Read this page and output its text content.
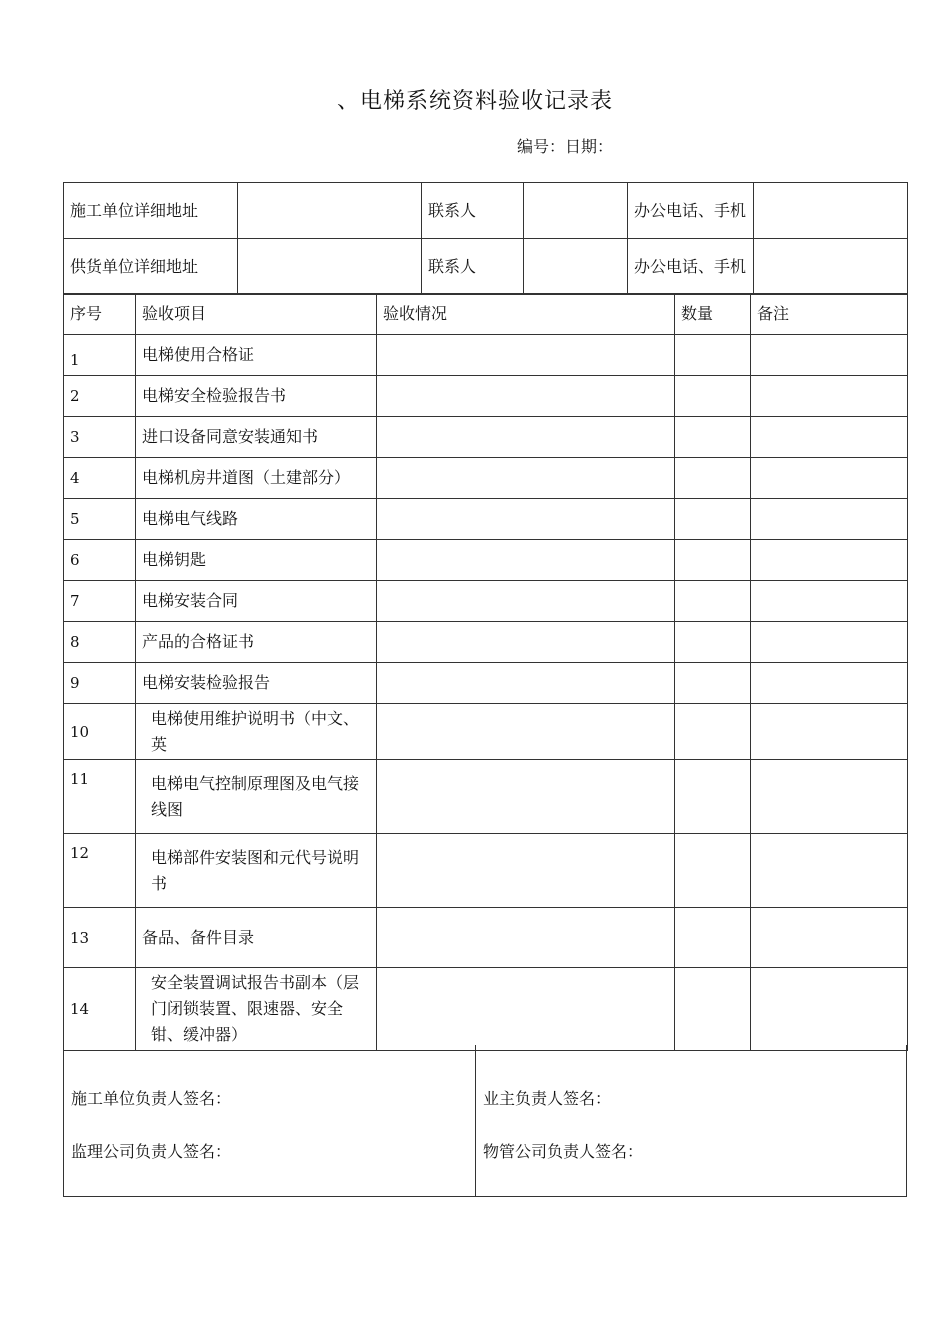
、电梯系统资料验收记录表
编号：日期：
施工单位详细地址		联系人		办公电话、手机	
供货单位详细地址		联系人		办公电话、手机	
序号	验收项目	验收情况	数量	备注
1	电梯使用合格证			
2	电梯安全检验报告书			
3	进口设备同意安装通知书			
4	电梯机房井道图（土建部分）			
5	电梯电气线路			
6	电梯钥匙			
7	电梯安装合同			
8	产品的合格证书			
9	电梯安装检验报告			
10	电梯使用维护说明书（中文、英			
11	电梯电气控制原理图及电气接线图			
12	电梯部件安装图和元代号说明书			
13	备品、备件目录			
14	安全装置调试报告书副本（层门闭锁装置、限速器、安全钳、缓冲器）			
施工单位负责人签名：	业主负责人签名：
监理公司负责人签名：	物管公司负责人签名：
